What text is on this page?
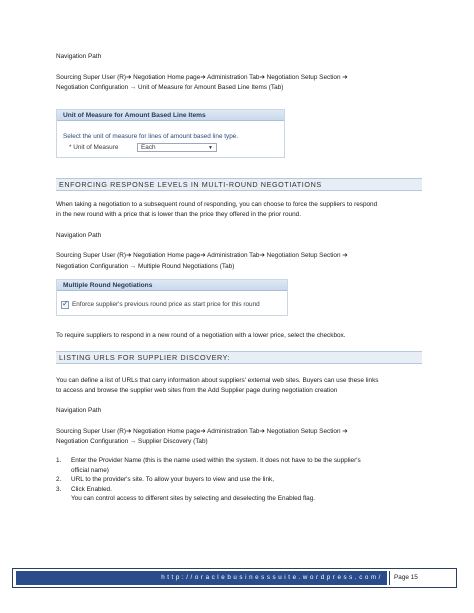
Navigation Path
Sourcing Super User (R)➔ Negotiation Home page➔ Administration Tab➔ Negotiation Setup Section ➔
Negotiation Configuration → Unit of Measure for Amount Based Line Items (Tab)
Unit of Measure for Amount Based Line Items
Select the unit of measure for lines of amount based line type.
* Unit of Measure	Each	▼
ENFORCING RESPONSE LEVELS IN MULTI-ROUND NEGOTIATIONS
When taking a negotiation to a subsequent round of responding, you can choose to force the suppliers to respond
in the new round with a price that is lower than the price they offered in the prior round.
Navigation Path
Sourcing Super User (R)➔ Negotiation Home page➔ Administration Tab➔ Negotiation Setup Section ➔
Negotiation Configuration → Multiple Round Negotiations (Tab)
Multiple Round Negotiations
✓ Enforce supplier's previous round price as start price for this round
To require suppliers to respond in a new round of a negotiation with a lower price, select the checkbox.
LISTING URLS FOR SUPPLIER DISCOVERY:
You can define a list of URLs that carry information about suppliers' external web sites. Buyers can use these links
to access and browse the supplier web sites from the Add Supplier page during negotiation creation
Navigation Path
Sourcing Super User (R)➔ Negotiation Home page➔ Administration Tab➔ Negotiation Setup Section ➔
Negotiation Configuration → Supplier Discovery (Tab)
1. Enter the Provider Name (this is the name used within the system. It does not have to be the supplier's
official name)
2. URL to the provider's site. To allow your buyers to view and use the link,
3. Click Enabled.
You can control access to different sites by selecting and deselecting the Enabled flag.
http://oraclebusinesssuite.wordpress.com/	Page 15
